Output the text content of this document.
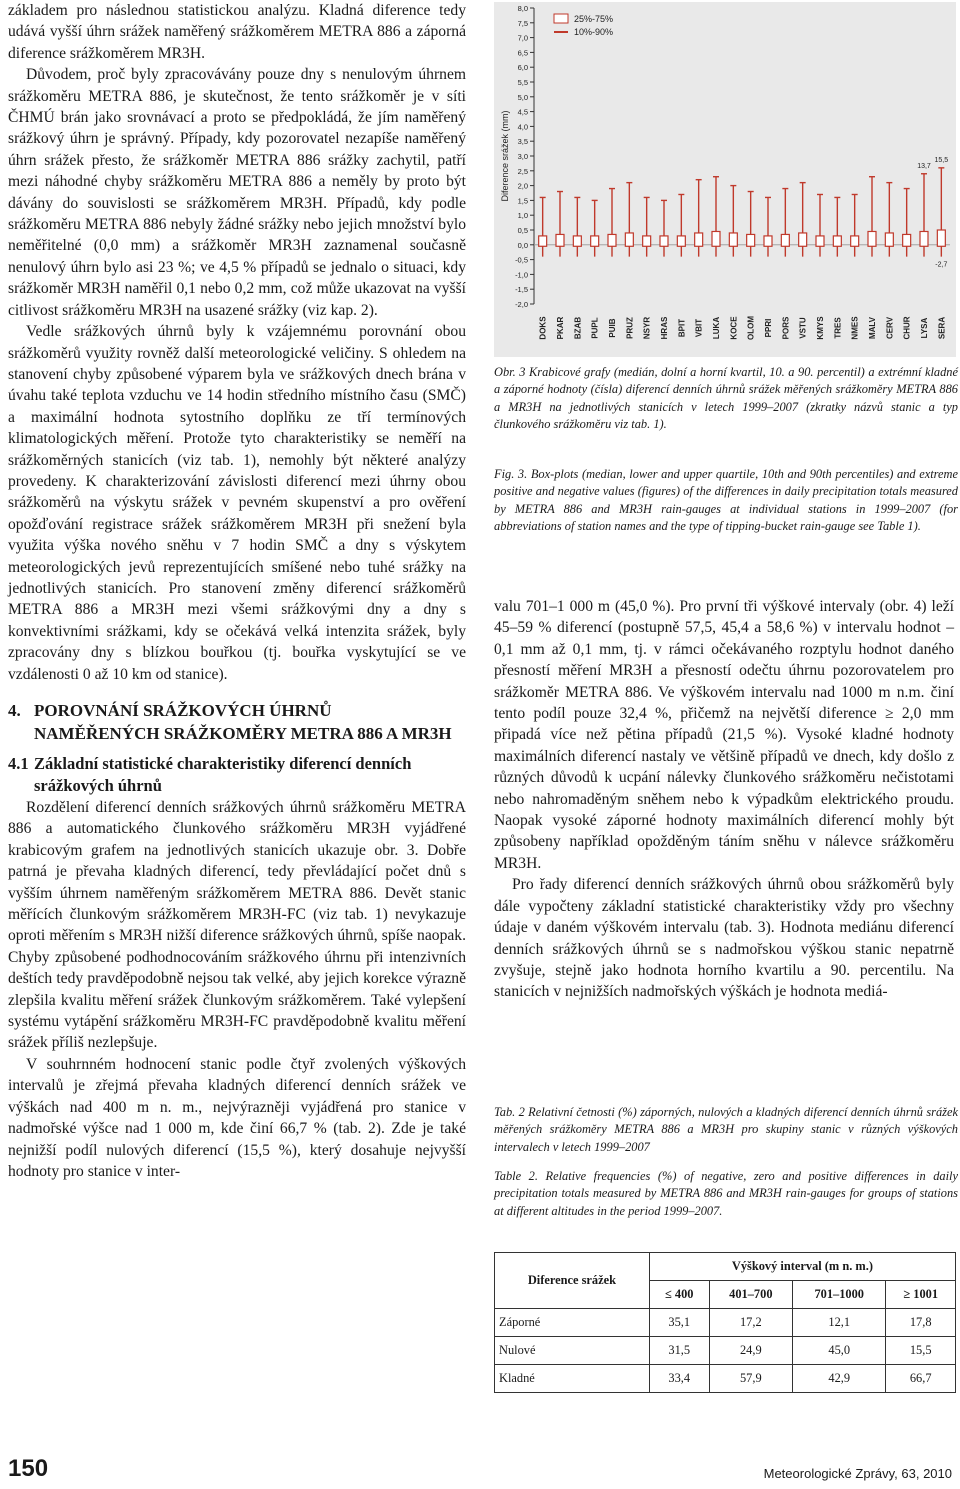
základem pro následnou statistickou analýzu. Kladná diference tedy udává vyšší úhrn srážek naměřený srážkoměrem METRA 886 a záporná diference srážkoměrem MR3H.

Důvodem, proč byly zpracovávány pouze dny s nenulovým úhrnem srážkoměru METRA 886, je skutečnost, že tento srážkoměr je v síti ČHMÚ brán jako srovnávací a proto se předpokládá, že jím naměřený srážkový úhrn je správný. Případy, kdy pozorovatel nezapíše naměřený úhrn srážek přesto, že srážkoměr METRA 886 srážky zachytil, patří mezi náhodné chyby srážkoměru METRA 886 a neměly by proto být dávány do souvislosti se srážkoměrem MR3H. Případů, kdy podle srážkoměru METRA 886 nebyly žádné srážky nebo jejich množství bylo neměřitelné (0,0 mm) a srážkoměr MR3H zaznamenal současně nenulový úhrn bylo asi 23 %; ve 4,5 % případů se jednalo o situaci, kdy srážkoměr MR3H naměřil 0,1 nebo 0,2 mm, což může ukazovat na vyšší citlivost srážkoměru MR3H na usazené srážky (viz kap. 2).

Vedle srážkových úhrnů byly k vzájemnému porovnání obou srážkoměrů využity rovněž další meteorologické veličiny. S ohledem na stanovení chyby způsobené výparem byla ve srážkových dnech brána v úvahu také teplota vzduchu ve 14 hodin středního místního času (SMČ) a maximální hodnota sytostního doplňku ze tří termínových klimatologických měření. Protože tyto charakteristiky se neměří na srážkoměrných stanicích (viz tab. 1), nemohly být některé analýzy provedeny. K charakterizování závislosti diferencí mezi úhrny obou srážkoměrů na výskytu srážek v pevném skupenství a pro ověření opožďování registrace srážek srážkoměrem MR3H při snežení byla využita výška nového sněhu v 7 hodin SMČ a dny s výskytem meteorologických jevů reprezentujících smíšené nebo tuhé srážky na jednotlivých stanicích. Pro stanovení změny diferencí srážkoměrů METRA 886 a MR3H mezi všemi srážkovými dny a dny s konvektivními srážkami, kdy se očekává velká intenzita srážek, byly zpracovány dny s blízkou bouřkou (tj. bouřka vyskytující se ve vzdálenosti 0 až 10 km od stanice).

4. POROVNÁNÍ SRÁŽKOVÝCH ÚHRNŮ NAMĚŘENÝCH SRÁŽKOMĚRY METRA 886 A MR3H
4.1 Základní statistické charakteristiky diferencí denních srážkových úhrnů

Rozdělení diferencí denních srážkových úhrnů srážkoměru METRA 886 a automatického člunkového srážkoměru MR3H vyjádřené krabicovým grafem na jednotlivých stanicích ukazuje obr. 3. Dobře patrná je převaha kladných diferencí, tedy převládající počet dnů s vyšším úhrnem naměřeným srážkoměrem METRA 886. Devět stanic měřících člunkovým srážkoměrem MR3H-FC (viz tab. 1) nevykazuje oproti měřením s MR3H nižší diference srážkových úhrnů, spíše naopak. Chyby způsobené podhodnocováním srážkového úhrnu při intenzivních deštích tedy pravděpodobně nejsou tak velké, aby jejich korekce výrazně zlepšila kvalitu měření srážek člunkovým srážkoměrem. Také vylepšení systému vytápění srážkoměru MR3H-FC pravděpodobně kvalitu měření srážek příliš nezlepšuje.

V souhrnném hodnocení stanic podle čtyř zvolených výškových intervalů je zřejmá převaha kladných diferencí denních srážek ve výškách nad 400 m n. m., nejvýrazněji vyjádřená pro stanice v nadmořské výšce nad 1 000 m, kde činí 66,7 % (tab. 2). Zde je také nejnižší podíl nulových diferencí (15,5 %), který dosahuje nejvyšší hodnoty pro stanice v inter-

-2,0
-1,5
-1,0
-0,5
0,0
0,5
1,0
1,5
2,0
2,5
3,0
3,5
4,0
4,5
5,0
5,5
6,0
6,5
7,0
7,5
8,0
Diference srážek (mm)
25%-75%
10%-90%
DOKS PKAR BZAB PUPL PUIB PRUZ NSYR HRAS BPIT VBIT LUKA KOCE OLOM PPRI PORS VSTU KMYS TRES NMES MALV CERV CHUR LYSA
13,7
SERA
15,5
-2,7

Obr. 3 Krabicové grafy (medián, dolní a horní kvartil, 10. a 90. percentil) a extrémní kladné a záporné hodnoty (čísla) diferencí denních úhrnů srážek měřených srážkoměry METRA 886 a MR3H na jednotlivých stanicích v letech 1999–2007 (zkratky názvů stanic a typ člunkového srážkoměru viz tab. 1).

Fig. 3. Box-plots (median, lower and upper quartile, 10th and 90th percentiles) and extreme positive and negative values (figures) of the differences in daily precipitation totals measured by METRA 886 and MR3H rain-gauges at individual stations in 1999–2007 (for abbreviations of station names and the type of tipping-bucket rain-gauge see Table 1).

valu 701–1 000 m (45,0 %). Pro první tři výškové intervaly (obr. 4) leží 45–59 % diferencí (postupně 57,5, 45,4 a 58,6 %) v intervalu hodnot –0,1 mm až 0,1 mm, tj. v rámci očekávaného rozptylu hodnot daného přesností měření MR3H a přesností odečtu úhrnu pozorovatelem pro srážkoměr METRA 886. Ve výškovém intervalu nad 1000 m n.m. činí tento podíl pouze 32,4 %, přičemž na největší diference ≥ 2,0 mm připadá více než pětina případů (21,5 %). Vysoké kladné hodnoty maximálních diferencí nastaly ve většině případů ve dnech, kdy došlo z různých důvodů k ucpání nálevky člunkového srážkoměru nečistotami nebo nahromaděným sněhem nebo k výpadkům elektrického proudu. Naopak vysoké záporné hodnoty maximálních diferencí mohly být způsobeny například opožděným táním sněhu v nálevce srážkoměru MR3H.

Pro řady diferencí denních srážkových úhrnů obou srážkoměrů byly dále vypočteny základní statistické charakteristiky vždy pro všechny údaje v daném výškovém intervalu (tab. 3). Hodnota mediánu diferencí denních srážkových úhrnů se s nadmořskou výškou stanic nepatrně zvyšuje, stejně jako hodnota horního kvartilu a 90. percentilu. Na stanicích v nejnižších nadmořských výškách je hodnota mediá-

Tab. 2 Relativní četnosti (%) záporných, nulových a kladných diferencí denních úhrnů srážek měřených srážkoměry METRA 886 a MR3H pro skupiny stanic v různých výškových intervalech v letech 1999–2007

Table 2. Relative frequencies (%) of negative, zero and positive differences in daily precipitation totals measured by METRA 886 and MR3H rain-gauges for groups of stations at different altitudes in the period 1999–2007.

Diference srážek	Výškový interval (m n. m.)			
	≤ 400	401–700	701–1000	≥ 1001
Záporné	35,1	17,2	12,1	17,8
Nulové	31,5	24,9	45,0	15,5
Kladné	33,4	57,9	42,9	66,7
150	Meteorologické Zprávy, 63, 2010
